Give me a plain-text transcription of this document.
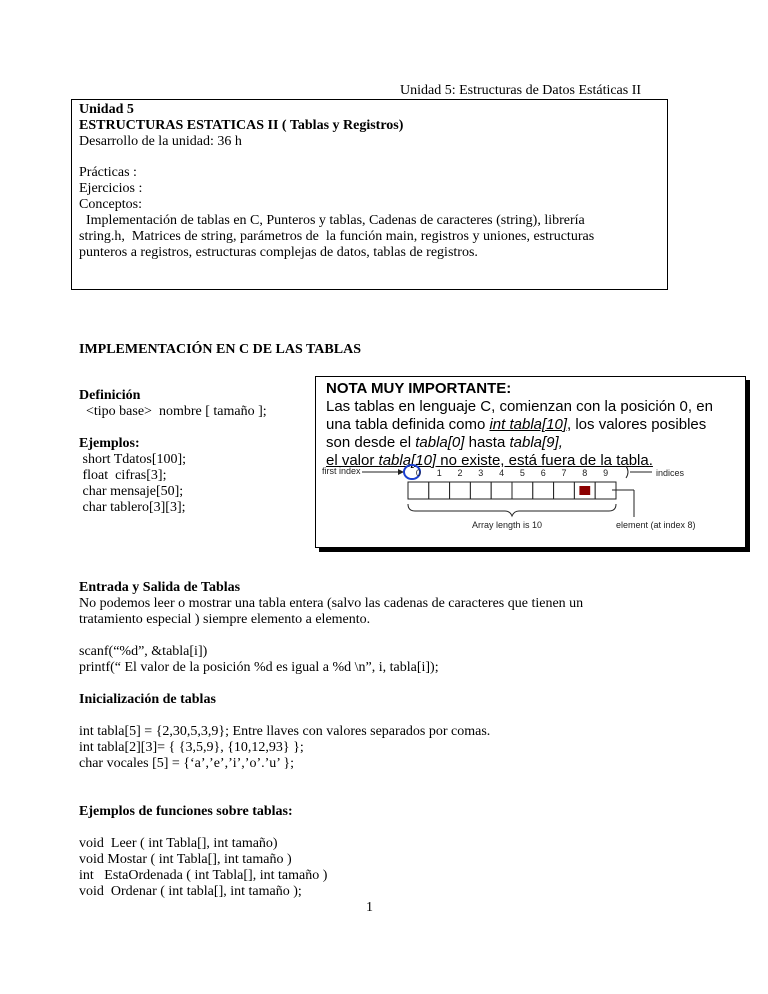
Unidad 5: Estructuras de Datos Estáticas II
Unidad 5
ESTRUCTURAS ESTATICAS II ( Tablas y Registros)
Desarrollo de la unidad: 36 h
Prácticas :
Ejercicios :
Conceptos:
Implementación de tablas en C, Punteros y tablas, Cadenas de caracteres (string), librería
string.h,  Matrices de string, parámetros de  la función main, registros y uniones, estructuras
punteros a registros, estructuras complejas de datos, tablas de registros.
IMPLEMENTACIÓN EN C DE LAS TABLAS
Definición
<tipo base>  nombre [ tamaño ];
Ejemplos:
short Tdatos[100];
float  cifras[3];
char mensaje[50];
char tablero[3][3];
NOTA MUY IMPORTANTE:
Las tablas en lenguaje C, comienzan con la posición 0, en
una tabla definida como int tabla[10], los valores posibles
son desde el tabla[0] hasta tabla[9],
el valor tabla[10] no existe, está fuera de la tabla.
first index	0 1 2 3 4 5 6 7 8 9	indices
Array length is 10	element (at index 8)
Entrada y Salida de Tablas
No podemos leer o mostrar una tabla entera (salvo las cadenas de caracteres que tienen un
tratamiento especial ) siempre elemento a elemento.
scanf(“%d”, &tabla[i])
printf(“ El valor de la posición %d es igual a %d \n”, i, tabla[i]);
Inicialización de tablas
int tabla[5] = {2,30,5,3,9}; Entre llaves con valores separados por comas.
int tabla[2][3]= { {3,5,9}, {10,12,93} };
char vocales [5] = {‘a’,’e’,’i’,’o’.’u’ };
Ejemplos de funciones sobre tablas:
void  Leer ( int Tabla[], int tamaño)
void Mostar ( int Tabla[], int tamaño )
int   EstaOrdenada ( int Tabla[], int tamaño )
void  Ordenar ( int tabla[], int tamaño );
1
